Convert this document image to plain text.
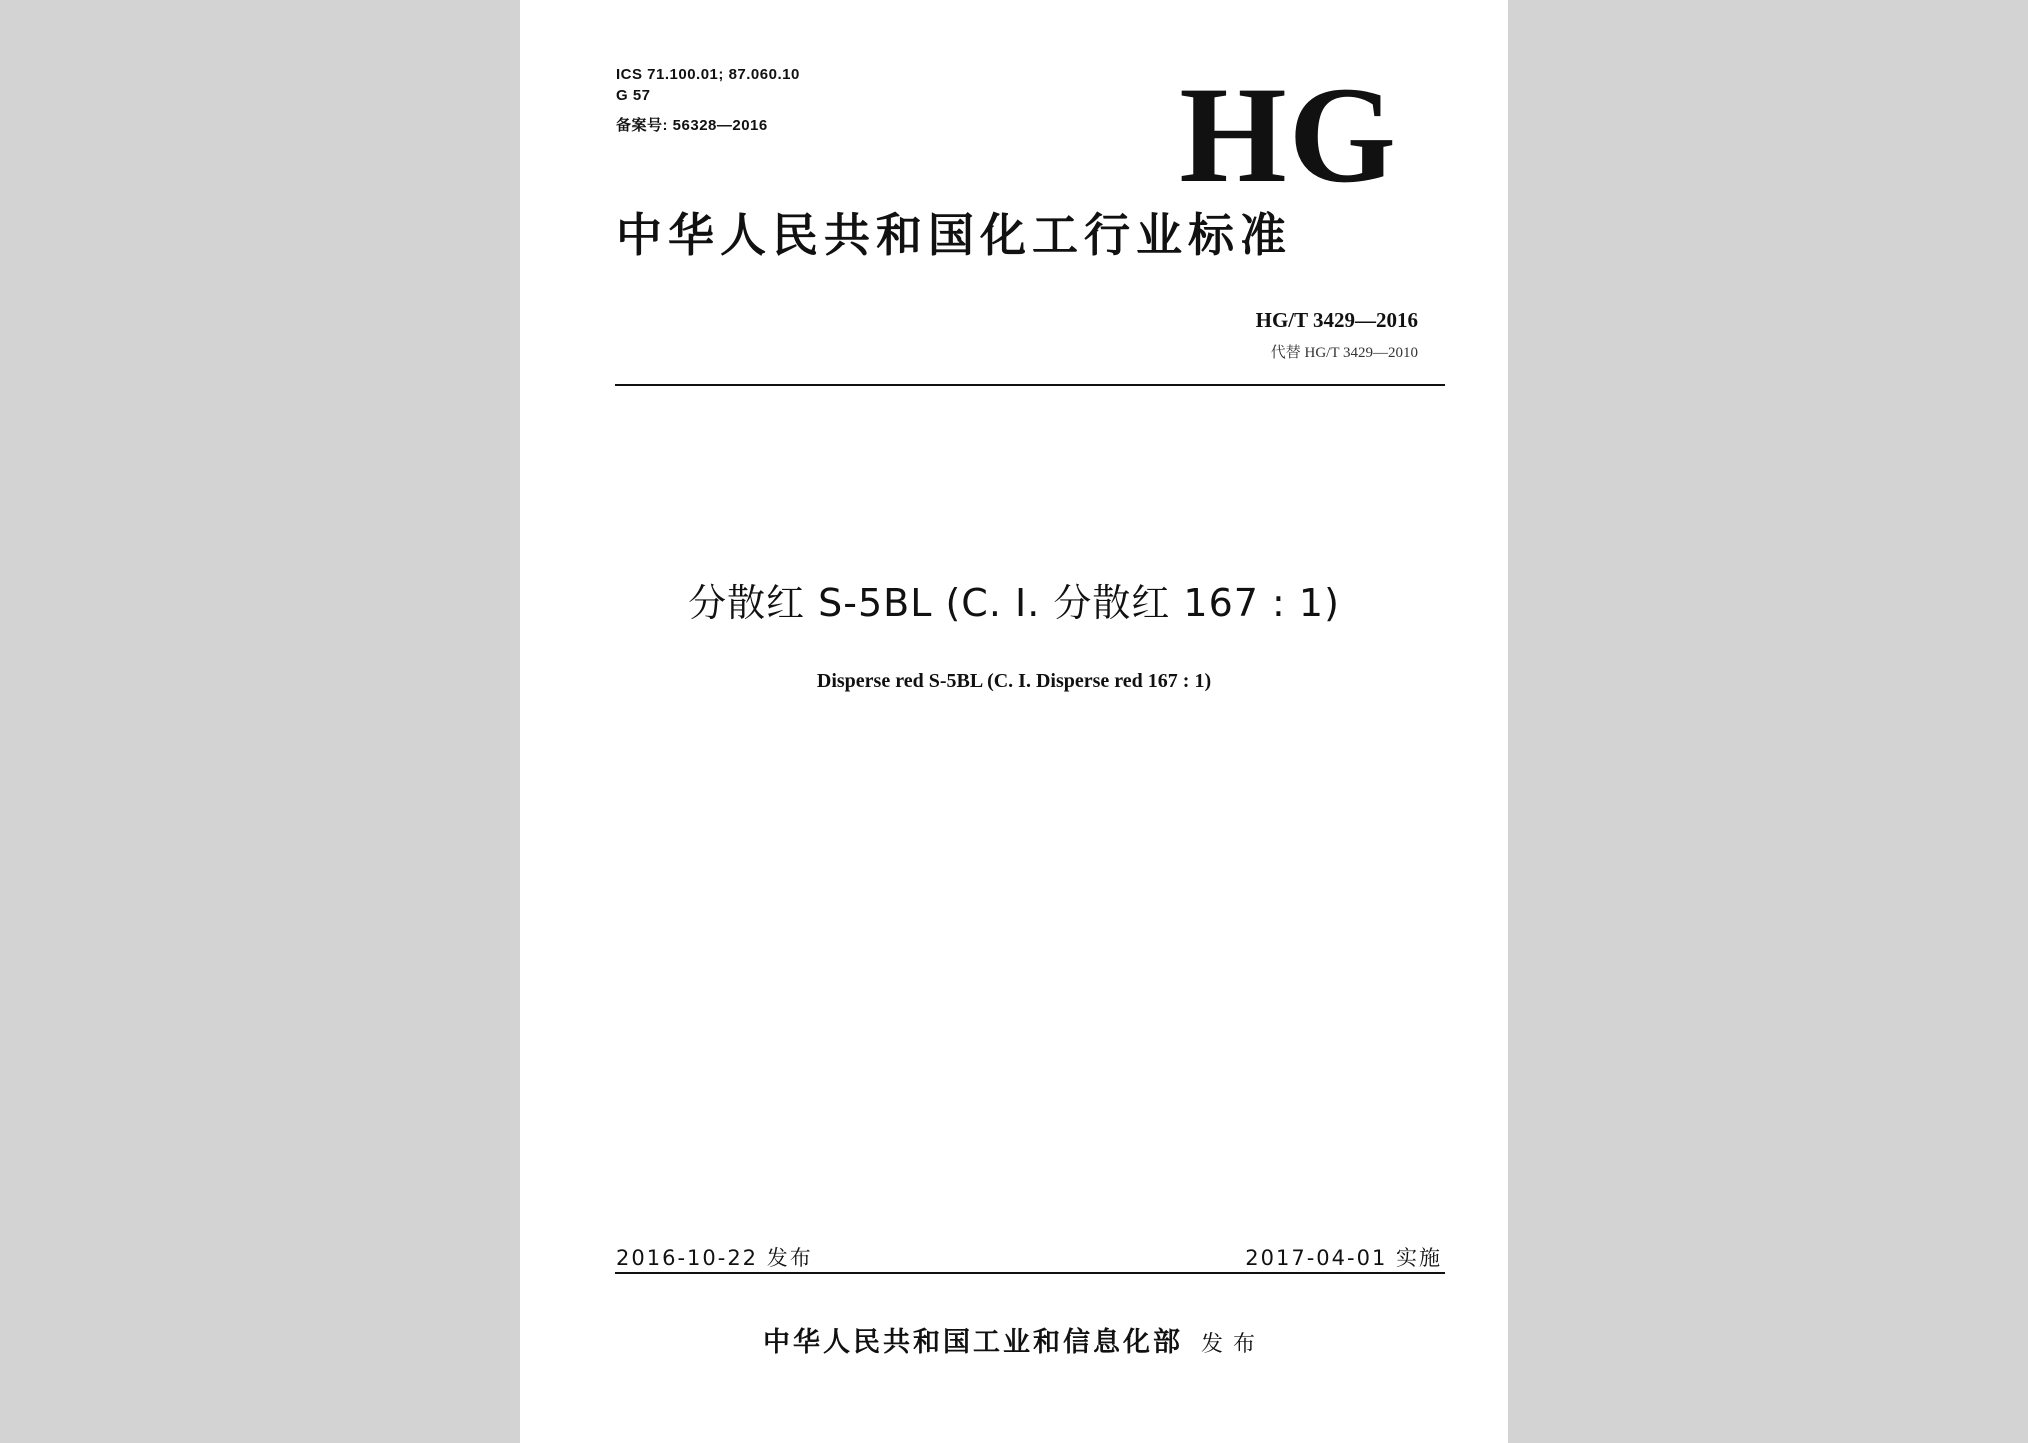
ICS 71.100.01; 87.060.10
G 57
备案号: 56328—2016	HG
中华人民共和国化工行业标准
HG/T 3429—2016
代替 HG/T 3429—2010
分散红 S-5BL (C. I. 分散红 167 : 1)
Disperse red S-5BL (C. I. Disperse red 167 : 1)
2016-10-22 发布	2017-04-01 实施
中华人民共和国工业和信息化部 发布
